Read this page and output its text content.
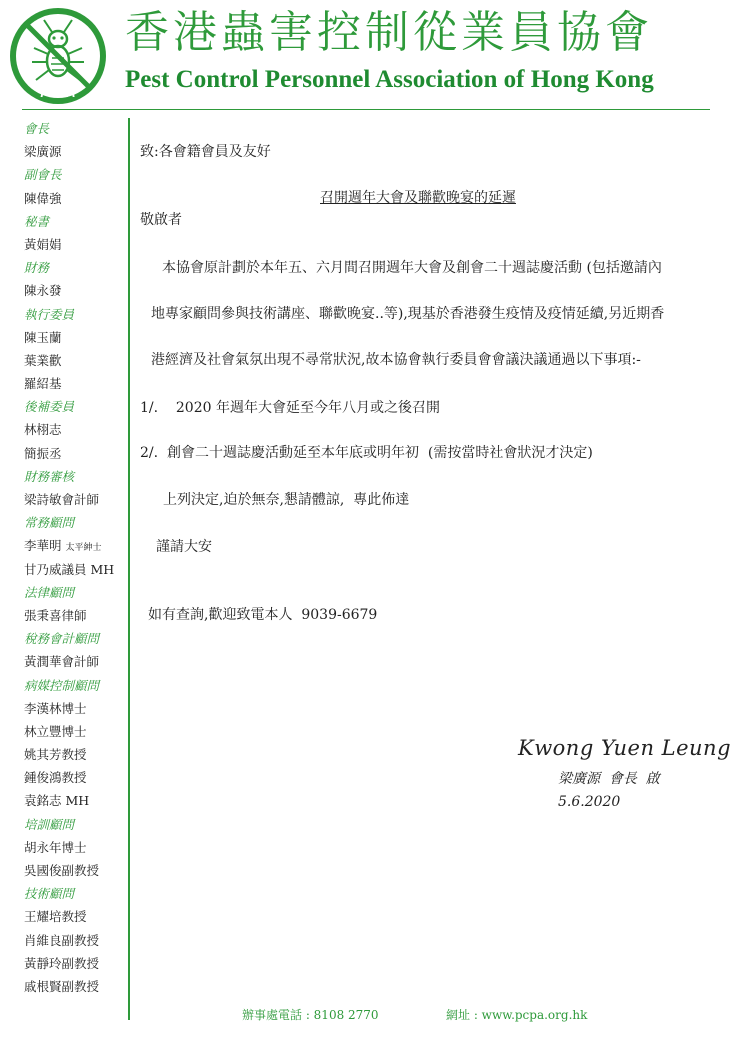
PCPA
香港蟲害控制從業員協會
Pest Control Personnel Association of Hong Kong
會長
梁廣源
副會長
陳偉強
秘書
黃娟娟
財務
陳永發
執行委員
陳玉蘭
葉業歡
羅紹基
後補委員
林栩志
簡振丞
財務審核
梁詩敏會計師
常務顧問
李華明 太平紳士
甘乃威議員 MH
法律顧問
張秉喜律師
稅務會計顧問
黃潤華會計師
病媒控制顧問
李漢林博士
林立豐博士
姚其芳教授
鍾俊鴻教授
袁銘志 MH
培訓顧問
胡永年博士
吳國俊副教授
技術顧問
王耀培教授
肖維良副教授
黃靜玲副教授
戚根賢副教授
致:各會籍會員及友好
召開週年大會及聯歡晚宴的延遲
敬啟者
本協會原計劃於本年五、六月間召開週年大會及創會二十週誌慶活動 (包括邀請內
地專家顧問參與技術講座、聯歡晚宴..等),現基於香港發生疫情及疫情延續,另近期香
港經濟及社會氣氛出現不尋常狀況,故本協會執行委員會會議決議通過以下事項:-
1/.    2020 年週年大會延至今年八月或之後召開
2/.  創會二十週誌慶活動延至本年底或明年初  (需按當時社會狀況才決定)
上列決定,迫於無奈,懇請體諒,  專此佈達
謹請大安
如有查詢,歡迎致電本人  9039-6679
Kwong Yuen Leung
梁廣源  會長  啟
5.6.2020
辦事處電話 : 8108 2770	網址 : www.pcpa.org.hk
